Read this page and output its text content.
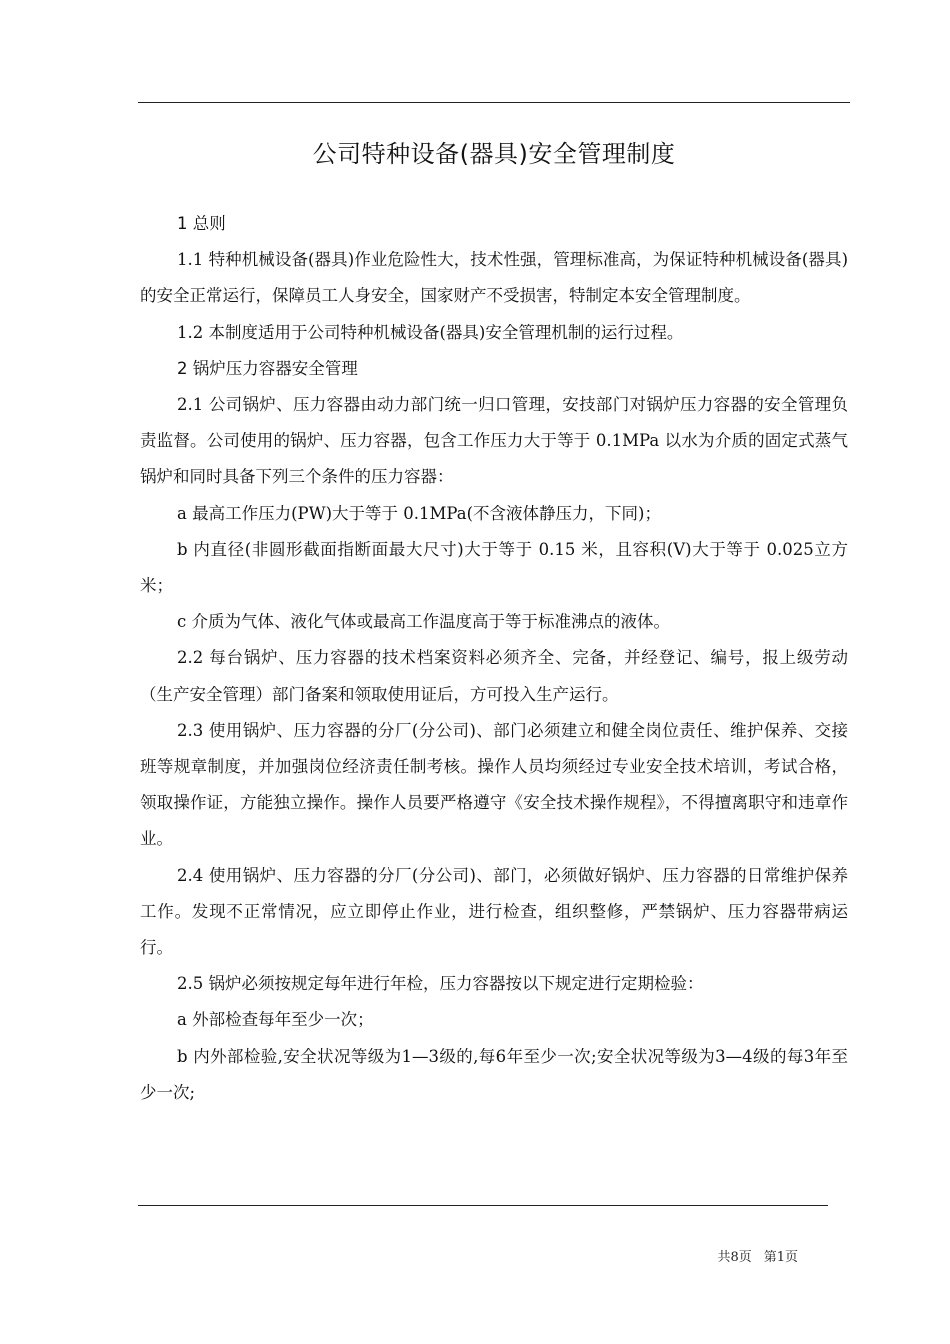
公司特种设备(器具)安全管理制度

1 总则

1.1 特种机械设备(器具)作业危险性大，技术性强，管理标准高，为保证特种机械设备(器具)的安全正常运行，保障员工人身安全，国家财产不受损害，特制定本安全管理制度。

1.2 本制度适用于公司特种机械设备(器具)安全管理机制的运行过程。

2 锅炉压力容器安全管理

2.1 公司锅炉、压力容器由动力部门统一归口管理，安技部门对锅炉压力容器的安全管理负责监督。公司使用的锅炉、压力容器，包含工作压力大于等于 0.1MPa 以水为介质的固定式蒸气锅炉和同时具备下列三个条件的压力容器：

a 最高工作压力(PW)大于等于 0.1MPa(不含液体静压力，下同)；

b 内直径(非圆形截面指断面最大尺寸)大于等于 0.15 米，且容积(V)大于等于 0.025立方米；

c 介质为气体、液化气体或最高工作温度高于等于标准沸点的液体。

2.2 每台锅炉、压力容器的技术档案资料必须齐全、完备，并经登记、编号，报上级劳动（生产安全管理）部门备案和领取使用证后，方可投入生产运行。

2.3 使用锅炉、压力容器的分厂(分公司)、部门必须建立和健全岗位责任、维护保养、交接班等规章制度，并加强岗位经济责任制考核。操作人员均须经过专业安全技术培训，考试合格，领取操作证，方能独立操作。操作人员要严格遵守《安全技术操作规程》，不得擅离职守和违章作业。

2.4 使用锅炉、压力容器的分厂(分公司)、部门，必须做好锅炉、压力容器的日常维护保养工作。发现不正常情况，应立即停止作业，进行检查，组织整修，严禁锅炉、压力容器带病运行。

2.5 锅炉必须按规定每年进行年检，压力容器按以下规定进行定期检验：

a 外部检查每年至少一次；

b 内外部检验,安全状况等级为1—3级的,每6年至少一次;安全状况等级为3—4级的每3年至少一次;

共8页 第1页
